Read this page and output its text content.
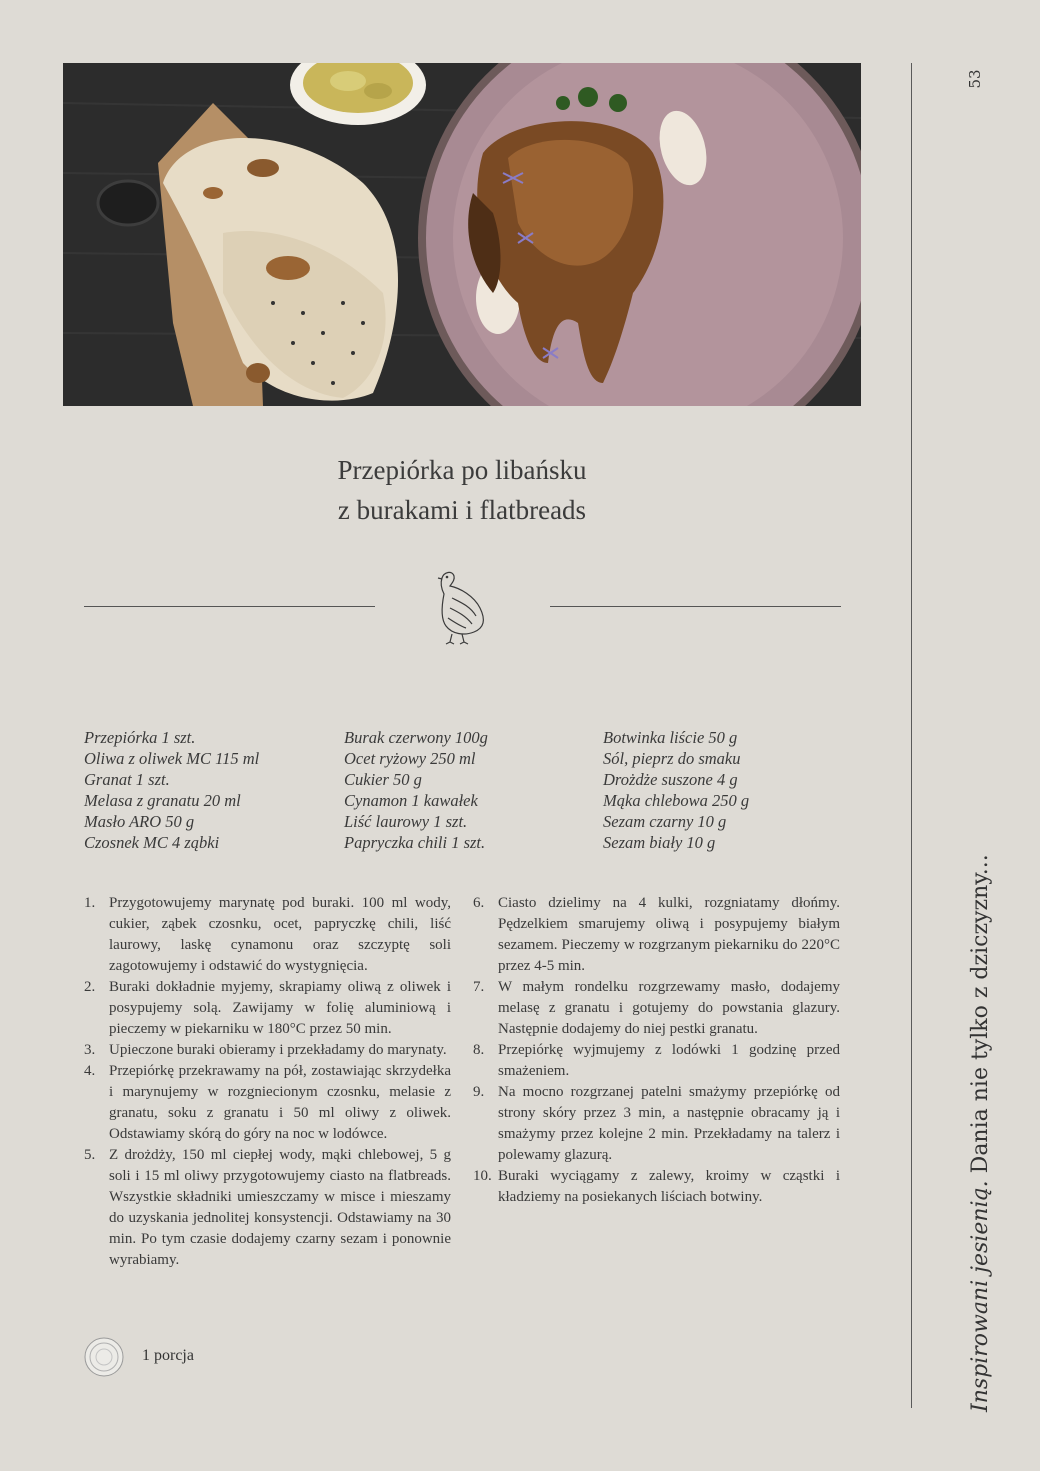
53
Inspirowani jesienią. Dania nie tylko z dziczyzny...
Przepiórka po libańsku
z burakami i flatbreads
Przepiórka 1 szt.
Oliwa z oliwek MC 115 ml
Granat 1 szt.
Melasa z granatu 20 ml
Masło ARO 50 g
Czosnek MC 4 ząbki
Burak czerwony 100g
Ocet ryżowy 250 ml
Cukier 50 g
Cynamon 1 kawałek
Liść laurowy 1 szt.
Papryczka chili 1 szt.
Botwinka liście 50 g
Sól, pieprz do smaku
Drożdże suszone 4 g
Mąka chlebowa 250 g
Sezam czarny 10 g
Sezam biały 10 g
1. Przygotowujemy marynatę pod buraki. 100 ml wody, cukier, ząbek czosnku, ocet, papryczkę chili, liść laurowy, laskę cynamonu oraz szczyptę soli zagotowujemy i odstawić do wystygnięcia.
2. Buraki dokładnie myjemy, skrapiamy oliwą z oliwek i posypujemy solą. Zawijamy w folię aluminiową i pieczemy w piekarniku w 180°C przez 50 min.
3. Upieczone buraki obieramy i przekładamy do marynaty.
4. Przepiórkę przekrawamy na pół, zostawiając skrzydełka i marynujemy w rozgniecionym czosnku, melasie z granatu, soku z granatu i 50 ml oliwy z oliwek. Odstawiamy skórą do góry na noc w lodówce.
5. Z drożdży, 150 ml ciepłej wody, mąki chlebowej, 5 g soli i 15 ml oliwy przygotowujemy ciasto na flatbreads. Wszystkie składniki umieszczamy w misce i mieszamy do uzyskania jednolitej konsystencji. Odstawiamy na 30 min. Po tym czasie dodajemy czarny sezam i ponownie wyrabiamy.
6. Ciasto dzielimy na 4 kulki, rozgniatamy dłońmy. Pędzelkiem smarujemy oliwą i posypujemy białym sezamem. Pieczemy w rozgrzanym piekarniku do 220°C przez 4-5 min.
7. W małym rondelku rozgrzewamy masło, dodajemy melasę z granatu i gotujemy do powstania glazury. Następnie dodajemy do niej pestki granatu.
8. Przepiórkę wyjmujemy z lodówki 1 godzinę przed smażeniem.
9. Na mocno rozgrzanej patelni smażymy przepiórkę od strony skóry przez 3 min, a następnie obracamy ją i smażymy przez kolejne 2 min. Przekładamy na talerz i polewamy glazurą.
10. Buraki wyciągamy z zalewy, kroimy w cząstki i kładziemy na posiekanych liściach botwiny.
1 porcja
